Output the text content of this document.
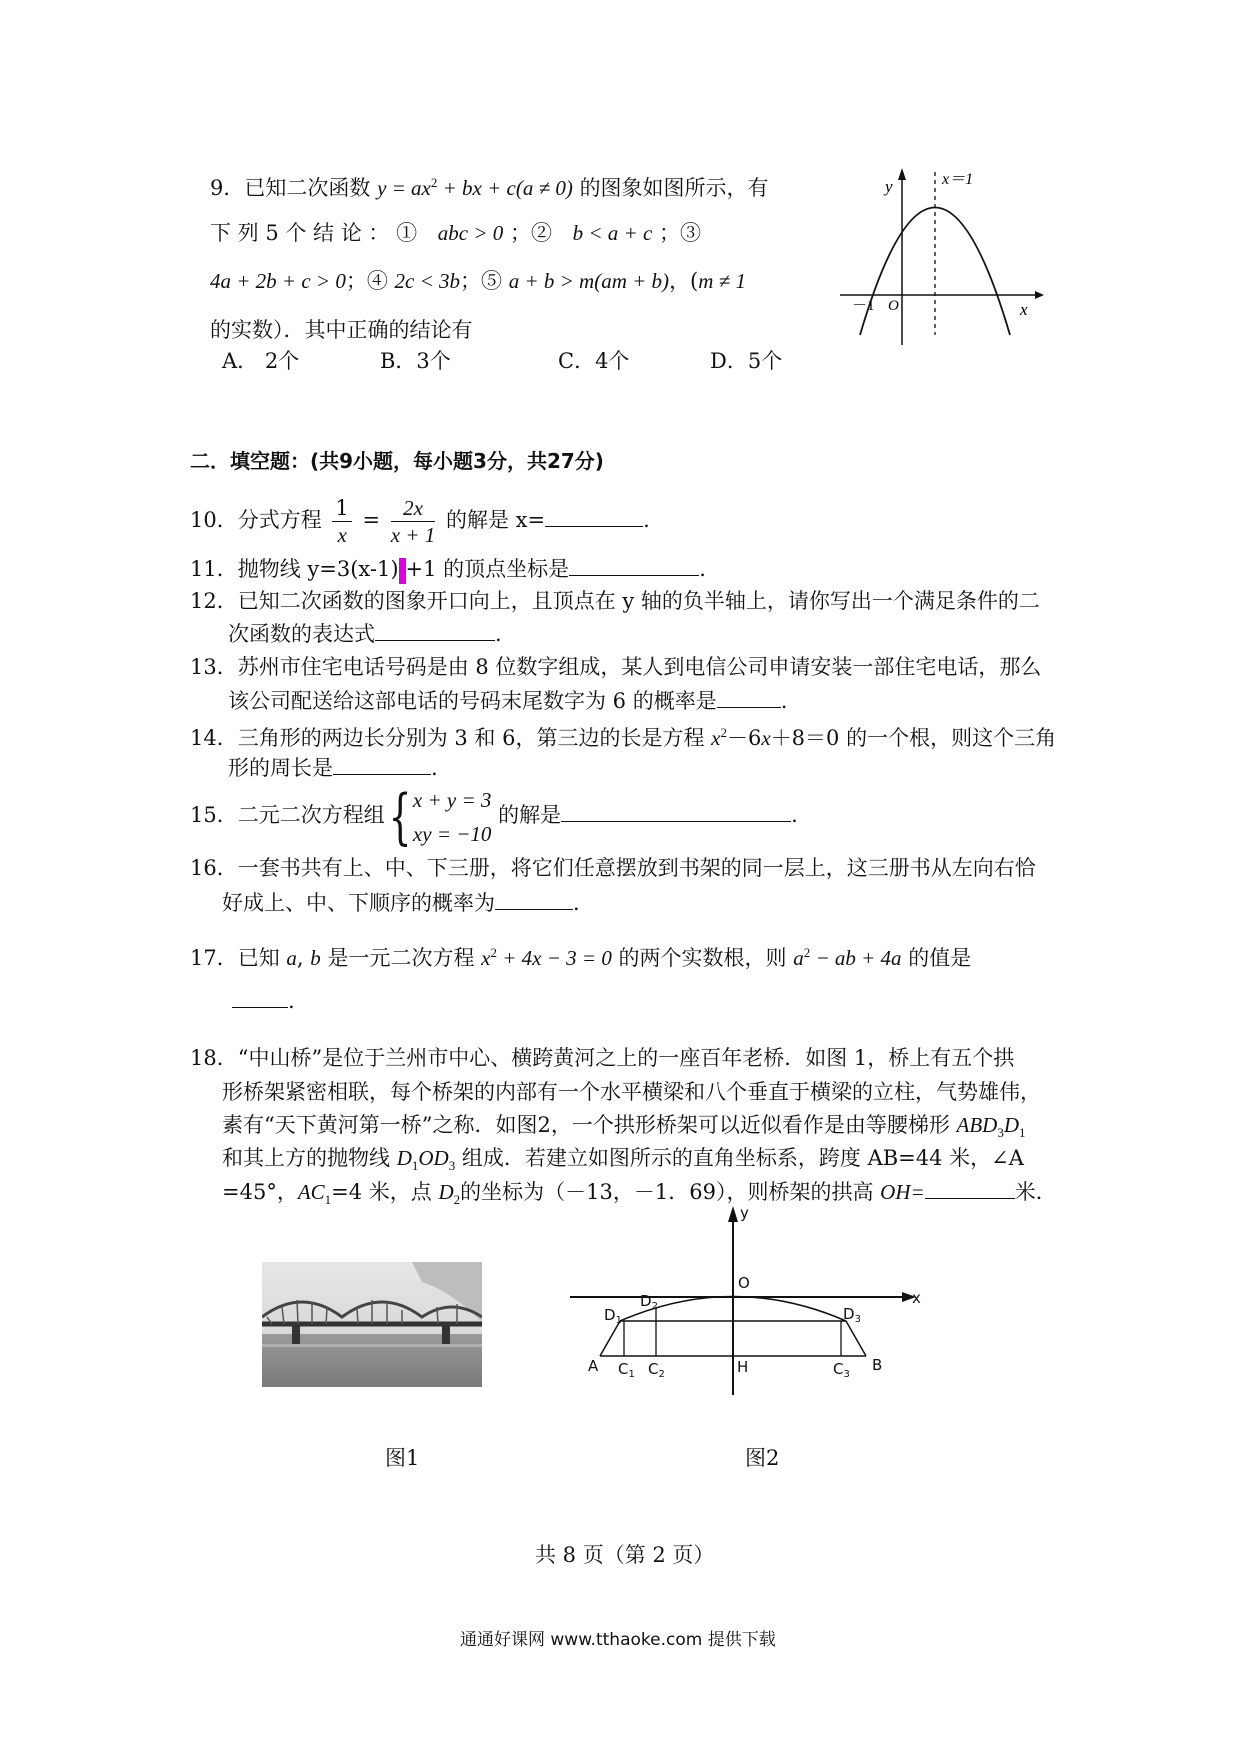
9．已知二次函数 $y = ax^2$ + bx + c(a ≠ 0) 的图象如图所示，有
下 列 5 个 结 论 ： ① abc > 0 ；② b < a + c ；③
4a + 2b + c > 0；④ 2c < 3b；⑤ a + b > m(am + b)，(m ≠ 1
的实数）．其中正确的结论有
A． 2个	B．3个	C．4个	D．5个
y	x＝1
x
－1 O
二．填空题：(共9小题，每小题3分，共27分)
10．分式方程 $\frac{1}{x} = \frac{2x}{x + 1}$ 的解是 x=	.
11．抛物线 y=3(x-1) +1 的顶点坐标是	.
12．已知二次函数的图象开口向上，且顶点在 y 轴的负半轴上，请你写出一个满足条件的二
次函数的表达式	.
13．苏州市住宅电话号码是由 8 位数字组成，某人到电信公司申请安装一部住宅电话，那么
该公司配送给这部电话的号码末尾数字为 6 的概率是	.
14．三角形的两边长分别为 3 和 6，第三边的长是方程 $x^2-6x+8=0$ 的一个根，则这个三角
形的周长是	.
15．二元二次方程组{x + y = 3
xy = −10 的解是	.
16．一套书共有上、中、下三册，将它们任意摆放到书架的同一层上，这三册书从左向右恰
好成上、中、下顺序的概率为	.
17．已知 a, b 是一元二次方程 $x^2 + 4x - 3 = 0$ 的两个实数根，则 $a^2$ − ab + 4a 的值是
.
18．“中山桥”是位于兰州市中心、横跨黄河之上的一座百年老桥．如图 1，桥上有五个拱
形桥架紧密相联，每个桥架的内部有一个水平横梁和八个垂直于横梁的立柱，气势雄伟，
素有“天下黄河第一桥”之称．如图2，一个拱形桥架可以近似看作是由等腰梯形 $ABD_3D_1$
和其上方的抛物线 $D_1OD_3$ 组成．若建立如图所示的直角坐标系，跨度 AB=44 米，∠A
=45°，$AC_1=4$ 米，点 $D_2$的坐标为（－13，－1．69），则桥架的拱高 OH=	米.
y
x
O
A	B
H
$D_1$
$D_2$	$D_3$
$C_1$ $C_2$	$C_3$
图1	图2
共 8 页（第 2 页）
通通好课网 www.tthaoke.com 提供下载
